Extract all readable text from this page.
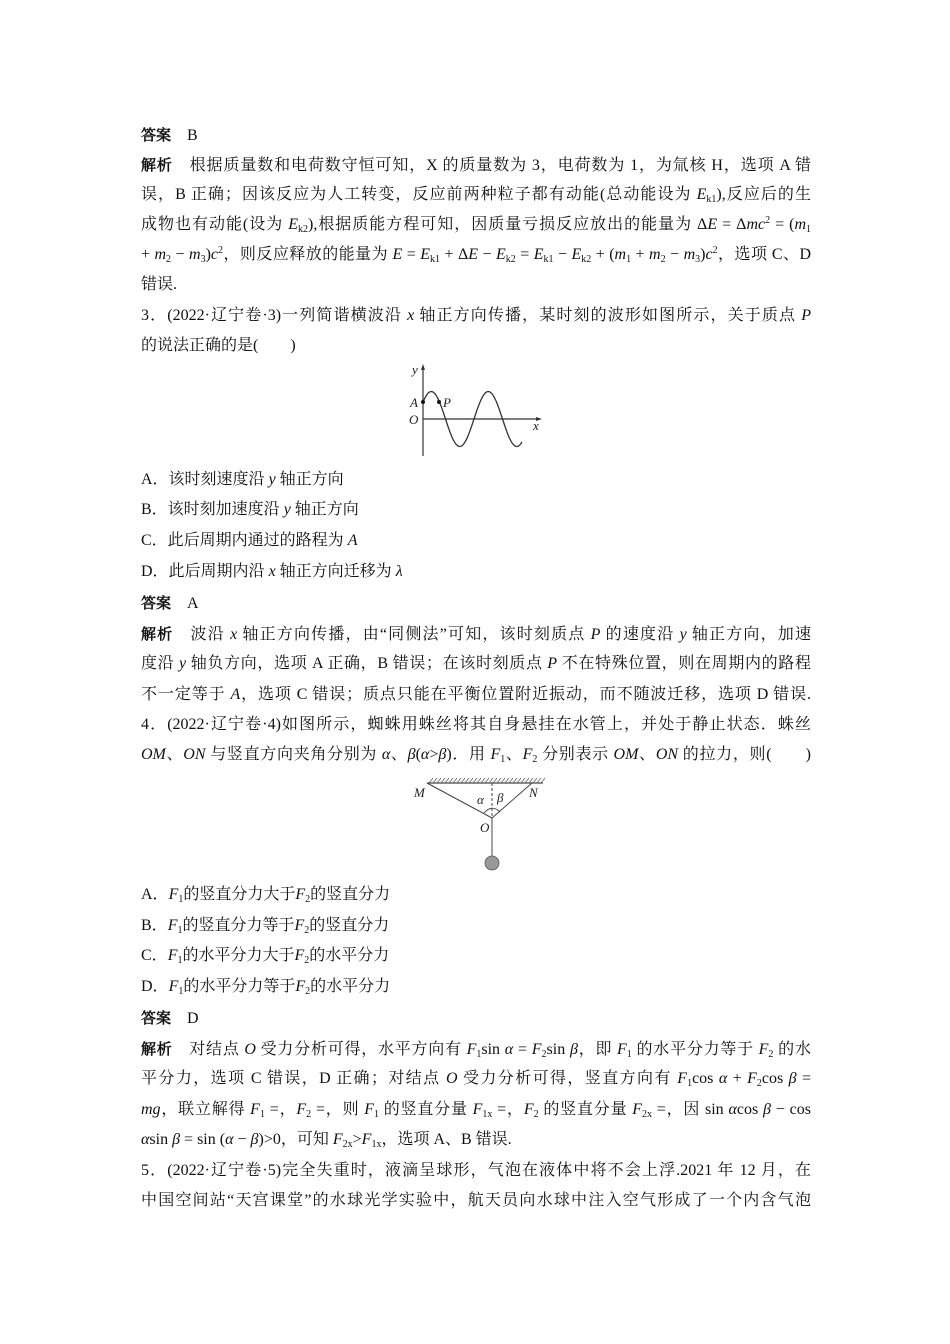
答案　B
解析　根据质量数和电荷数守恒可知，X 的质量数为 3，电荷数为 1，为氚核 H，选项 A 错
误，B 正确；因该反应为人工转变，反应前两种粒子都有动能(总动能设为 $E_{k1}$),反应后的生
成物也有动能(设为 $E_{k2}$),根据质能方程可知，因质量亏损反应放出的能量为 $\Delta E = \Delta mc^2 = (m_1$
+ $m_2 - m_3)c^2$，则反应释放的能量为 $E = E_{k1} + \Delta E - E_{k2} = E_{k1} - E_{k2} + (m_1 + m_2 - m_3)c^2$，选项 C、D
错误.
3．(2022·辽宁卷·3)一列简谐横波沿 x 轴正方向传播，某时刻的波形如图所示，关于质点 P
的说法正确的是(　　)
A．该时刻速度沿 y 轴正方向
B．该时刻加速度沿 y 轴正方向
C．此后周期内通过的路程为 A
D．此后周期内沿 x 轴正方向迁移为 λ
答案　A
解析　波沿 x 轴正方向传播，由“同侧法”可知，该时刻质点 P 的速度沿 y 轴正方向，加速
度沿 y 轴负方向，选项 A 正确，B 错误；在该时刻质点 P 不在特殊位置，则在周期内的路程
不一定等于 A，选项 C 错误；质点只能在平衡位置附近振动，而不随波迁移，选项 D 错误.
4．(2022·辽宁卷·4)如图所示，蜘蛛用蛛丝将其自身悬挂在水管上，并处于静止状态．蛛丝
OM、ON 与竖直方向夹角分别为 α、β(α>β)．用 $F_1$、$F_2$ 分别表示 OM、ON 的拉力，则(　　)
A．$F_1$的竖直分力大于$F_2$的竖直分力
B．$F_1$的竖直分力等于$F_2$的竖直分力
C．$F_1$的水平分力大于$F_2$的水平分力
D．$F_1$的水平分力等于$F_2$的水平分力
答案　D
解析　对结点 O 受力分析可得，水平方向有 $F_1\sin$ $\alpha = F_2\sin$ β，即 $F_1$ 的水平分力等于 $F_2$ 的水
平分力，选项 C 错误，D 正确；对结点 O 受力分析可得，竖直方向有 $F_1\cos$ $\alpha + F_2\cos$ β =
mg，联立解得 $F_1$ =，$F_2$ =，则 $F_1$ 的竖直分量 $F_{1x}$ =，$F_2$ 的竖直分量 $F_{2x}$ =，因 sin αcos β − cos
αsin β = sin (α − β)>0，可知 $F_{2x}>F_{1x}$，选项 A、B 错误.
5．(2022·辽宁卷·5)完全失重时，液滴呈球形，气泡在液体中将不会上浮.2021 年 12 月，在
中国空间站“天宫课堂”的水球光学实验中，航天员向水球中注入空气形成了一个内含气泡
y
A P
O	x
M	N
α β
O
